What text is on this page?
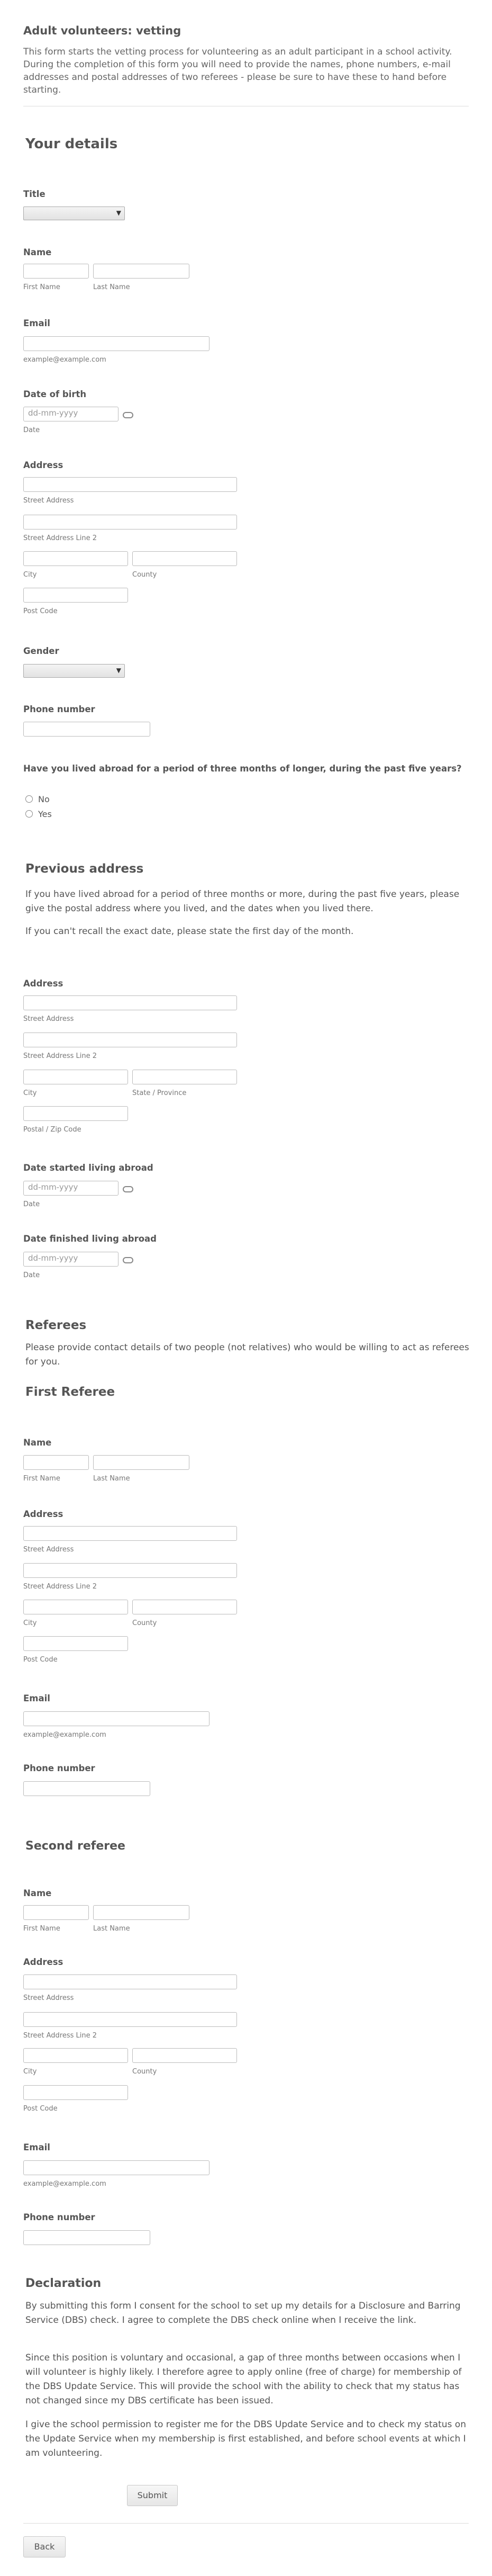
Adult volunteers: vetting

This form starts the vetting process for volunteering as an adult participant in a school activity. During the completion of this form you will need to provide the names, phone numbers, e-mail addresses and postal addresses of two referees - please be sure to have these to hand before starting.

Your details
Title
▼
Name
First Name	Last Name
Email
example@example.com
Date of birth
dd-mm-yyyy
Date
Address
Street Address
Street Address Line 2
City	County
Post Code
Gender
▼
Phone number
Have you lived abroad for a period of three months of longer, during the past five years?
No
Yes
Previous address

If you have lived abroad for a period of three months or more, during the past five years, please give the postal address where you lived, and the dates when you lived there.

If you can't recall the exact date, please state the first day of the month.

Address
Street Address
Street Address Line 2
City	State / Province
Postal / Zip Code
Date started living abroad
dd-mm-yyyy
Date
Date finished living abroad
dd-mm-yyyy
Date
Referees

Please provide contact details of two people (not relatives) who would be willing to act as referees for you.

First Referee
Name
First Name	Last Name
Address
Street Address
Street Address Line 2
City	County
Post Code
Email
example@example.com
Phone number
Second referee
Name
First Name	Last Name
Address
Street Address
Street Address Line 2
City	County
Post Code
Email
example@example.com
Phone number
Declaration

By submitting this form I consent for the school to set up my details for a Disclosure and Barring Service (DBS) check. I agree to complete the DBS check online when I receive the link.

Since this position is voluntary and occasional, a gap of three months between occasions when I will volunteer is highly likely. I therefore agree to apply online (free of charge) for membership of the DBS Update Service. This will provide the school with the ability to check that my status has not changed since my DBS certificate has been issued.

I give the school permission to register me for the DBS Update Service and to check my status on the Update Service when my membership is first established, and before school events at which I am volunteering.

Submit
Back
